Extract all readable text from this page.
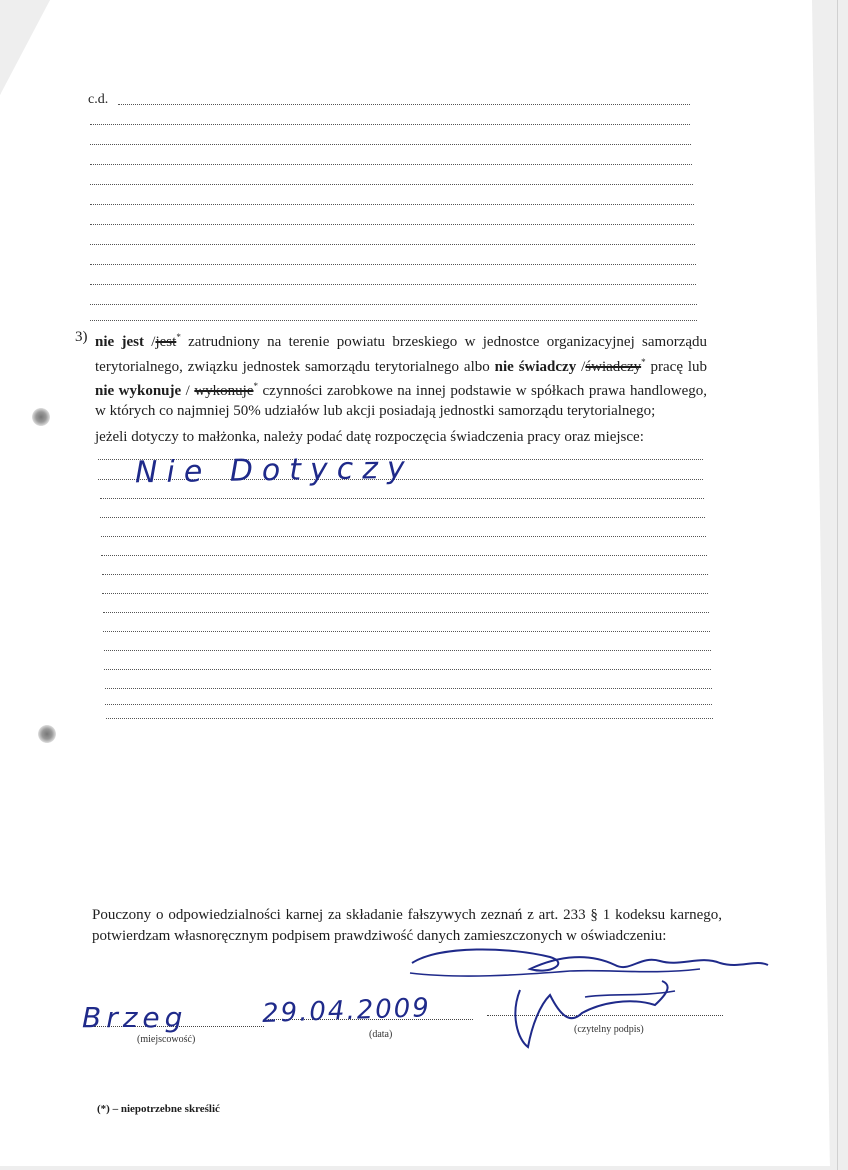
c.d.
3) nie jest /jest* zatrudniony na terenie powiatu brzeskiego w jednostce organizacyjnej samorządu terytorialnego, związku jednostek samorządu terytorialnego albo nie świadczy /świadczy* pracę lub nie wykonuje / wykonuje* czynności zarobkowe na innej podstawie w spółkach prawa handlowego, w których co najmniej 50% udziałów lub akcji posiadają jednostki samorządu terytorialnego;
jeżeli dotyczy to małżonka, należy podać datę rozpoczęcia świadczenia pracy oraz miejsce:
Nie Dotyczy
Pouczony o odpowiedzialności karnej za składanie fałszywych zeznań z art. 233 § 1 kodeksu karnego, potwierdzam własnoręcznym podpisem prawdziwość danych zamieszczonych w oświadczeniu:
(miejscowość)	(data)	(czytelny podpis)
Brzeg	29.04.2009
(*) – niepotrzebne skreślić
